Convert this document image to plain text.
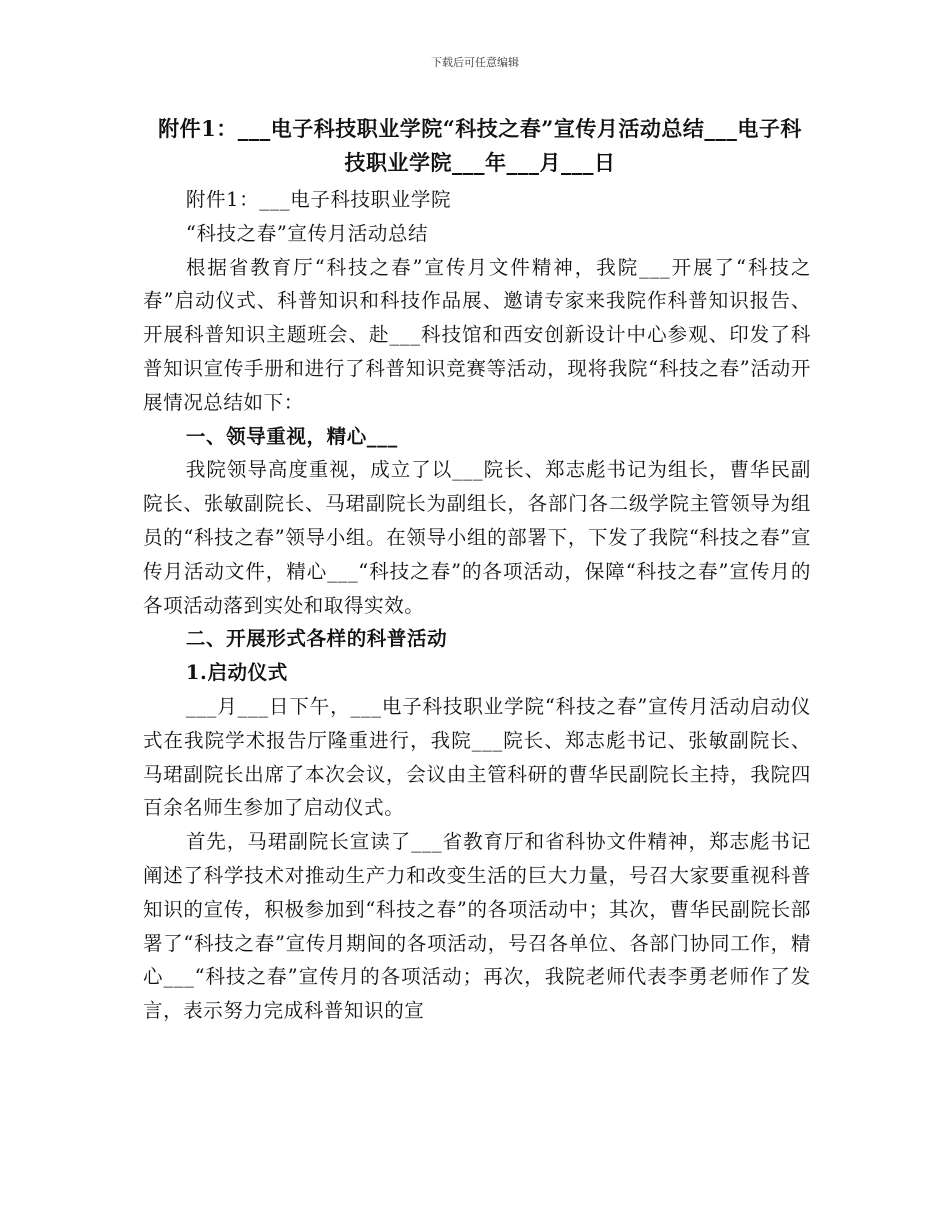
下载后可任意编辑
附件1：___电子科技职业学院“科技之春”宣传月活动总结___电子科技职业学院___年___月___日

附件1：___电子科技职业学院

“科技之春”宣传月活动总结

根据省教育厅“科技之春”宣传月文件精神，我院___开展了“科技之春”启动仪式、科普知识和科技作品展、邀请专家来我院作科普知识报告、开展科普知识主题班会、赴___科技馆和西安创新设计中心参观、印发了科普知识宣传手册和进行了科普知识竞赛等活动，现将我院“科技之春”活动开展情况总结如下：

一、领导重视，精心___

我院领导高度重视，成立了以___院长、郑志彪书记为组长，曹华民副院长、张敏副院长、马珺副院长为副组长，各部门各二级学院主管领导为组员的“科技之春”领导小组。在领导小组的部署下，下发了我院“科技之春”宣传月活动文件，精心___“科技之春”的各项活动，保障“科技之春”宣传月的各项活动落到实处和取得实效。

二、开展形式各样的科普活动

1.启动仪式

___月___日下午，___电子科技职业学院“科技之春”宣传月活动启动仪式在我院学术报告厅隆重进行，我院___院长、郑志彪书记、张敏副院长、马珺副院长出席了本次会议，会议由主管科研的曹华民副院长主持，我院四百余名师生参加了启动仪式。

首先，马珺副院长宣读了___省教育厅和省科协文件精神，郑志彪书记阐述了科学技术对推动生产力和改变生活的巨大力量，号召大家要重视科普知识的宣传，积极参加到“科技之春”的各项活动中；其次，曹华民副院长部署了“科技之春”宣传月期间的各项活动，号召各单位、各部门协同工作，精心___“科技之春”宣传月的各项活动；再次，我院老师代表李勇老师作了发言，表示努力完成科普知识的宣
